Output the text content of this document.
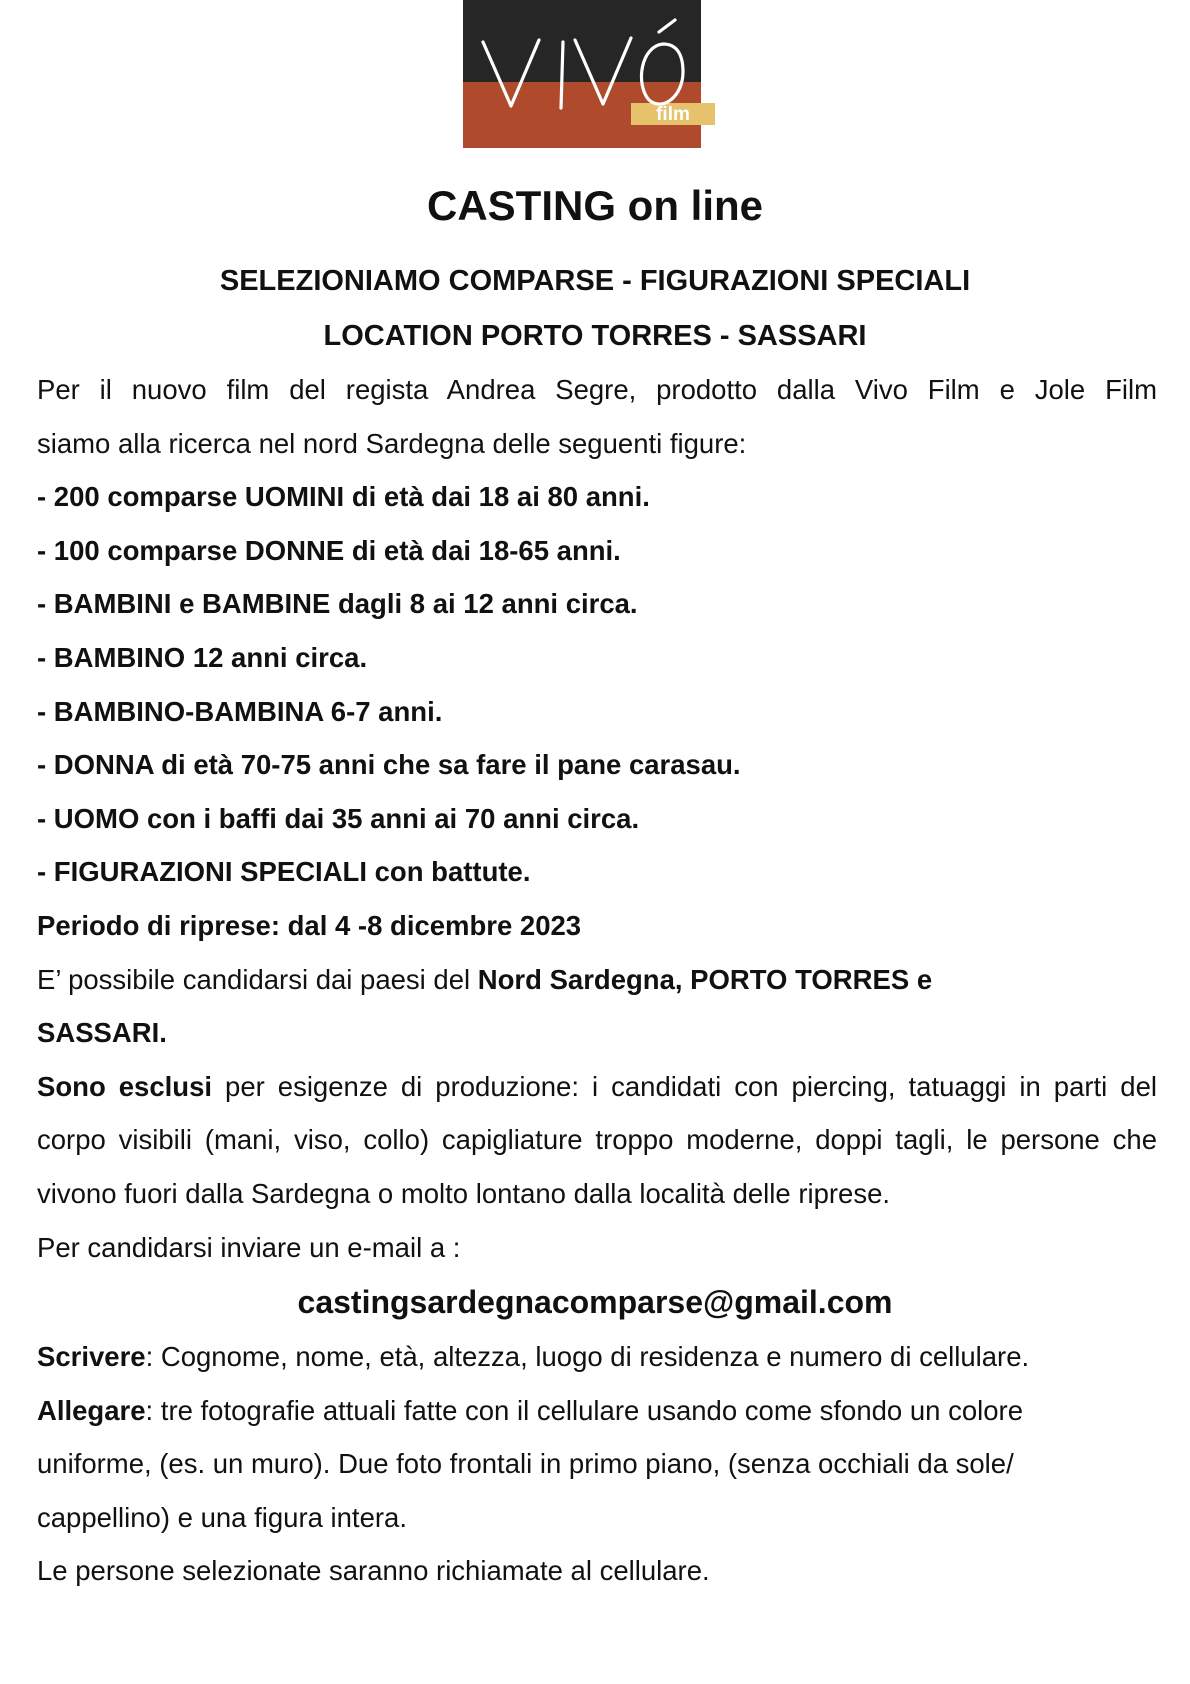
film
CASTING on line
SELEZIONIAMO COMPARSE - FIGURAZIONI SPECIALI
LOCATION PORTO TORRES - SASSARI

Per il nuovo film del regista Andrea Segre, prodotto dalla Vivo Film e Jole Film

siamo alla ricerca nel nord Sardegna delle seguenti figure:

- 200 comparse UOMINI di età dai 18 ai 80 anni.

- 100 comparse DONNE di età dai 18-65 anni.

- BAMBINI e BAMBINE dagli 8 ai 12 anni circa.

- BAMBINO 12 anni circa.

- BAMBINO-BAMBINA 6-7 anni.

- DONNA di età 70-75 anni che sa fare il pane carasau.

- UOMO con i baffi dai 35 anni ai 70 anni circa.

- FIGURAZIONI SPECIALI con battute.

Periodo di riprese: dal 4 -8 dicembre 2023

E’ possibile candidarsi dai paesi del Nord Sardegna, PORTO TORRES e

SASSARI.

Sono esclusi per esigenze di produzione: i candidati con piercing, tatuaggi in parti del corpo visibili (mani, viso, collo) capigliature troppo moderne, doppi tagli, le persone che vivono fuori dalla Sardegna o molto lontano dalla località delle riprese.

Per candidarsi inviare un e-mail a :

castingsardegnacomparse@gmail.com

Scrivere: Cognome, nome, età, altezza, luogo di residenza e numero di cellulare.

Allegare: tre fotografie attuali fatte con il cellulare usando come sfondo un colore

uniforme, (es. un muro). Due foto frontali in primo piano, (senza occhiali da sole/

cappellino) e una figura intera.

Le persone selezionate saranno richiamate al cellulare.
